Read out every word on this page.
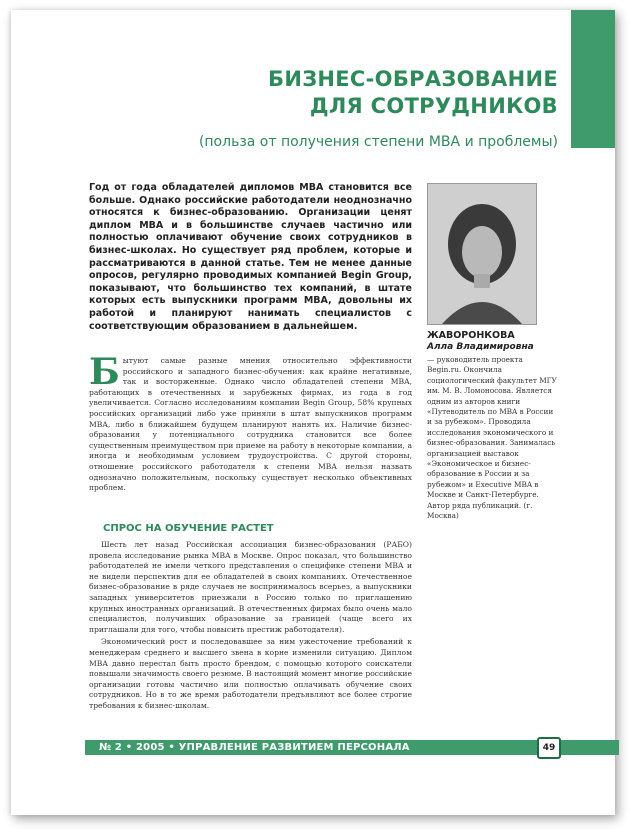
БИЗНЕС-ОБРАЗОВАНИЕ
ДЛЯ СОТРУДНИКОВ
(польза от получения степени MBA и проблемы)
Год от года обладателей дипломов MBA становится все больше. Однако российские работодатели неоднозначно относятся к бизнес-образованию. Организации ценят диплом MBA и в большинстве случаев частично или полностью оплачивают обучение своих сотрудников в бизнес-школах. Но существует ряд проблем, которые и рассматриваются в данной статье. Тем не менее данные опросов, регулярно проводимых компанией Begin Group, показывают, что большинство тех компаний, в штате которых есть выпускники программ MBA, довольны их работой и планируют нанимать специалистов с соответствующим образованием в дальнейшем.
ЖАВОРОНКОВА
Алла Владимировна
— руководитель проекта Begin.ru. Окончила социологический факультет МГУ им. М. В. Ломоносова. Является одним из авторов книги «Путеводитель по MBA в России и за рубежом». Проводила исследования экономического и бизнес-образования. Занималась организацией выставок «Экономическое и бизнес-образование в России и за рубежом» и Executive MBA в Москве и Санкт-Петербурге. Автор ряда публикаций. (г. Москва)
Бытуют самые разные мнения относительно эффективности российского и западного бизнес-обучения: как крайне негативные, так и восторженные. Однако число обладателей степени MBA, работающих в отечественных и зарубежных фирмах, из года в год увеличивается. Согласно исследованиям компании Begin Group, 58% крупных российских организаций либо уже приняли в штат выпускников программ MBA, либо в ближайшем будущем планируют нанять их. Наличие бизнес-образования у потенциального сотрудника становится все более существенным преимуществом при приеме на работу в некоторые компании, а иногда и необходимым условием трудоустройства. С другой стороны, отношение российского работодателя к степени MBA нельзя назвать однозначно положительным, поскольку существует несколько объективных проблем.
СПРОС НА ОБУЧЕНИЕ РАСТЕТ

Шесть лет назад Российская ассоциация бизнес-образования (РАБО) провела исследование рынка MBA в Москве. Опрос показал, что большинство работодателей не имели четкого представления о специфике степени MBA и не видели перспектив для ее обладателей в своих компаниях. Отечественное бизнес-образование в ряде случаев не воспринималось всерьез, а выпускники западных университетов приезжали в Россию только по приглашению крупных иностранных организаций. В отечественных фирмах было очень мало специалистов, получивших образование за границей (чаще всего их приглашали для того, чтобы повысить престиж работодателя).

Экономический рост и последовавшее за ним ужесточение требований к менеджерам среднего и высшего звена в корне изменили ситуацию. Диплом MBA давно перестал быть просто брендом, с помощью которого соискатели повышали значимость своего резюме. В настоящий момент многие российские организации готовы частично или полностью оплачивать обучение своих сотрудников. Но в то же время работодатели предъявляют все более строгие требования к бизнес-школам.

№ 2 • 2005 • УПРАВЛЕНИЕ РАЗВИТИЕМ ПЕРСОНАЛА	49
